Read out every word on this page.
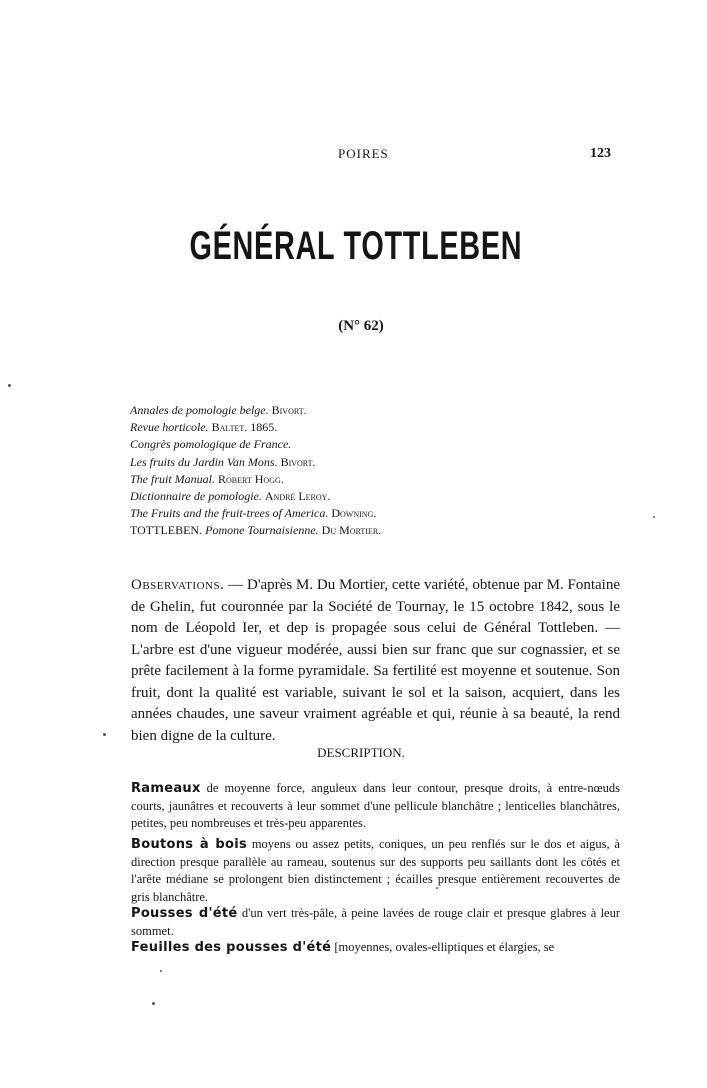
POIRES	123
GÉNÉRAL TOTTLEBEN
(N° 62)
Annales de pomologie belge. Bivort.
Revue horticole. Baltet. 1865.
Congrès pomologique de France.
Les fruits du Jardin Van Mons. Bivort.
The fruit Manual. Robert Hogg.
Dictionnaire de pomologie. André Leroy.
The Fruits and the fruit-trees of America. Downing.
TOTTLEBEN. Pomone Tournaisienne. Du Mortier.
Observations. — D'après M. Du Mortier, cette variété, obtenue par M. Fontaine de Ghelin, fut couronnée par la Société de Tournay, le 15 octobre 1842, sous le nom de Léopold Ier, et dep is propagée sous celui de Général Tottleben. — L'arbre est d'une vigueur modérée, aussi bien sur franc que sur cognassier, et se prête facilement à la forme pyramidale. Sa fertilité est moyenne et soutenue. Son fruit, dont la qualité est variable, suivant le sol et la saison, acquiert, dans les années chaudes, une saveur vraiment agréable et qui, réunie à sa beauté, la rend bien digne de la culture.
DESCRIPTION.
Rameaux de moyenne force, anguleux dans leur contour, presque droits, à entre-nœuds courts, jaunâtres et recouverts à leur sommet d'une pellicule blanchâtre ; lenticelles blanchâtres, petites, peu nombreuses et très-peu apparentes.
Boutons à bois moyens ou assez petits, coniques, un peu renflés sur le dos et aigus, à direction presque parallèle au rameau, soutenus sur des supports peu saillants dont les côtés et l'arête médiane se prolongent bien distinctement ; écailles presque entièrement recouvertes de gris blanchâtre.
Pousses d'été d'un vert très-pâle, à peine lavées de rouge clair et presque glabres à leur sommet.
Feuilles des pousses d'été [moyennes, ovales-elliptiques et élargies, se
